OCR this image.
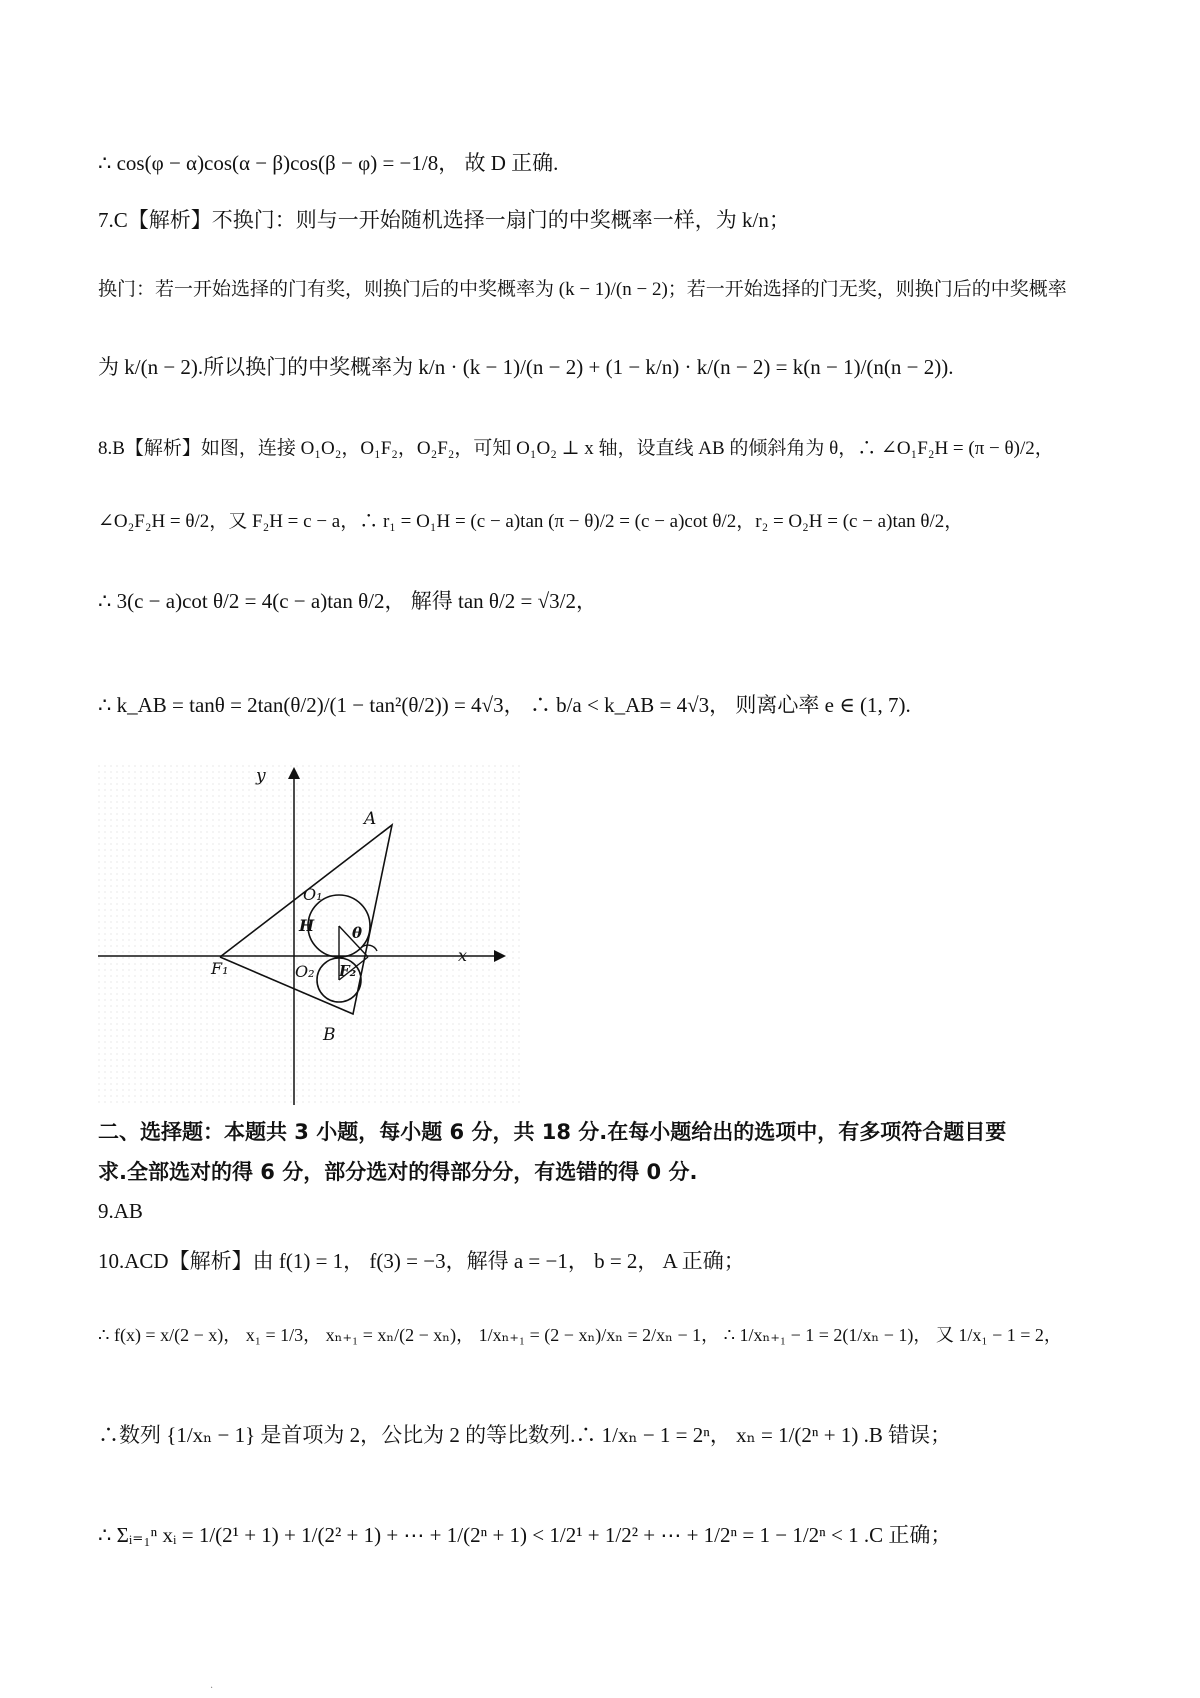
∴ cos(φ − α)cos(α − β)cos(β − φ) = −1/8， 故 D 正确.
7.C【解析】不换门：则与一开始随机选择一扇门的中奖概率一样，为 k/n；
换门：若一开始选择的门有奖，则换门后的中奖概率为 (k − 1)/(n − 2)；若一开始选择的门无奖，则换门后的中奖概率
为 k/(n − 2).所以换门的中奖概率为 k/n · (k − 1)/(n − 2) + (1 − k/n) · k/(n − 2) = k(n − 1)/(n(n − 2)).
8.B【解析】如图，连接 O₁O₂，O₁F₂，O₂F₂，可知 O₁O₂ ⊥ x 轴，设直线 AB 的倾斜角为 θ，∴ ∠O₁F₂H = (π − θ)/2，
∠O₂F₂H = θ/2，又 F₂H = c − a，∴ r₁ = O₁H = (c − a)tan (π − θ)/2 = (c − a)cot θ/2，r₂ = O₂H = (c − a)tan θ/2，
∴ 3(c − a)cot θ/2 = 4(c − a)tan θ/2， 解得 tan θ/2 = √3/2，
∴ k_AB = tanθ = 2tan(θ/2)/(1 − tan²(θ/2)) = 4√3， ∴ b/a < k_AB = 4√3， 则离心率 e ∈ (1, 7).
y
x
A
B
O₁
O₂
H
F₁	F₂
θ
二、选择题：本题共 3 小题，每小题 6 分，共 18 分.在每小题给出的选项中，有多项符合题目要
求.全部选对的得 6 分，部分选对的得部分分，有选错的得 0 分.
9.AB
10.ACD【解析】由 f(1) = 1， f(3) = −3，解得 a = −1， b = 2， A 正确；
∴ f(x) = x/(2 − x)， x₁ = 1/3， xₙ₊₁ = xₙ/(2 − xₙ)， 1/xₙ₊₁ = (2 − xₙ)/xₙ = 2/xₙ − 1， ∴ 1/xₙ₊₁ − 1 = 2(1/xₙ − 1)， 又 1/x₁ − 1 = 2，
∴数列 {1/xₙ − 1} 是首项为 2，公比为 2 的等比数列.∴ 1/xₙ − 1 = 2ⁿ， xₙ = 1/(2ⁿ + 1) .B 错误；
∴ Σᵢ₌₁ⁿ xᵢ = 1/(2¹ + 1) + 1/(2² + 1) + ⋯ + 1/(2ⁿ + 1) < 1/2¹ + 1/2² + ⋯ + 1/2ⁿ = 1 − 1/2ⁿ < 1 .C 正确；
.
